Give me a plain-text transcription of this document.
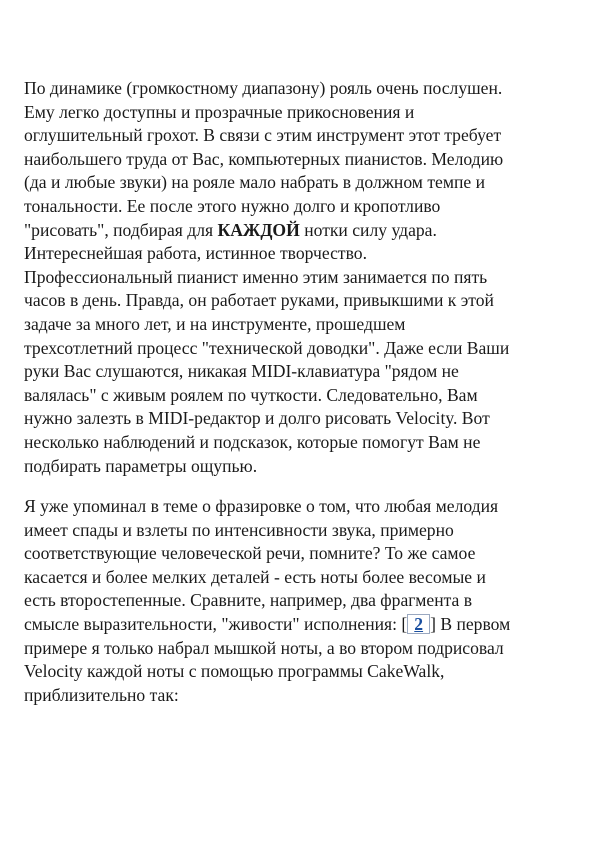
По динамике (громкостному диапазону) рояль очень послушен.
Ему легко доступны и прозрачные прикосновения и
оглушительный грохот. В связи с этим инструмент этот требует
наибольшего труда от Вас, компьютерных пианистов. Мелодию
(да и любые звуки) на рояле мало набрать в должном темпе и
тональности. Ее после этого нужно долго и кропотливо
"рисовать", подбирая для КАЖДОЙ нотки силу удара.
Интереснейшая работа, истинное творчество.
Профессиональный пианист именно этим занимается по пять
часов в день. Правда, он работает руками, привыкшими к этой
задаче за много лет, и на инструменте, прошедшем
трехсотлетний процесс "технической доводки". Даже если Ваши
руки Вас слушаются, никакая MIDI-клавиатура "рядом не
валялась" с живым роялем по чуткости. Следовательно, Вам
нужно залезть в MIDI-редактор и долго рисовать Velocity. Вот
несколько наблюдений и подсказок, которые помогут Вам не
подбирать параметры ощупью.

Я уже упоминал в теме о фразировке о том, что любая мелодия
имеет спады и взлеты по интенсивности звука, примерно
соответствующие человеческой речи, помните? То же самое
касается и более мелких деталей - есть ноты более весомые и
есть второстепенные. Сравните, например, два фрагмента в
смысле выразительности, "живости" исполнения: [ 2 ] В первом
примере я только набрал мышкой ноты, а во втором подрисовал
Velocity каждой ноты с помощью программы CakeWalk,
приблизительно так:
